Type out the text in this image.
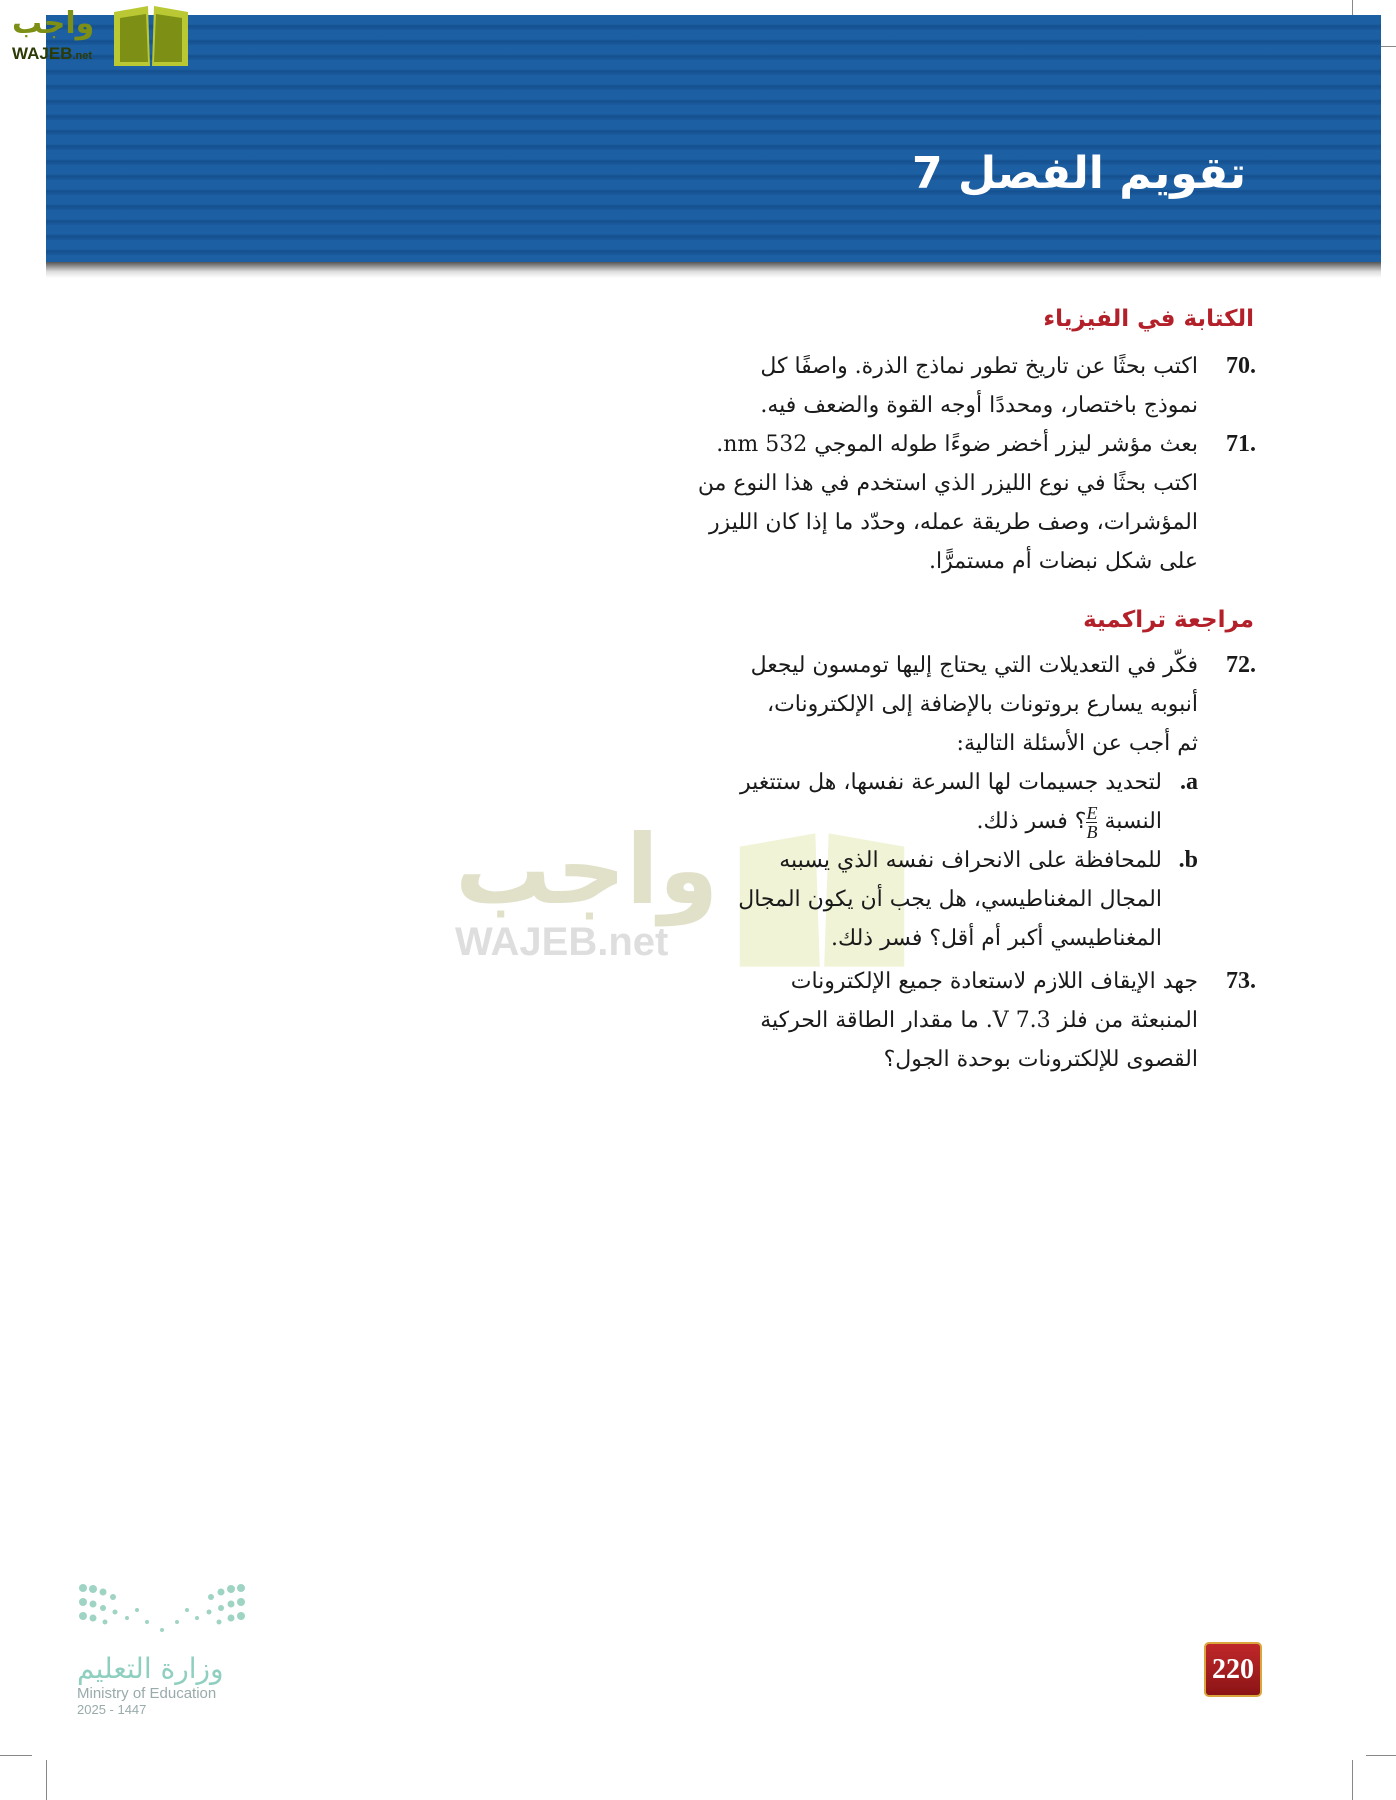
تقويم الفصل 7
واجب
WAJEB.net
واجب
WAJEB.net
الكتابة في الفيزياء
70.
اكتب بحثًا عن تاريخ تطور نماذج الذرة. واصفًا كل
نموذج باختصار، ومحددًا أوجه القوة والضعف فيه.
71.
بعث مؤشر ليزر أخضر ضوءًا طوله الموجي 532 nm.
اكتب بحثًا في نوع الليزر الذي استخدم في هذا النوع من
المؤشرات، وصف طريقة عمله، وحدّد ما إذا كان الليزر
على شكل نبضات أم مستمرًّا.
مراجعة تراكمية
72.
فكّر في التعديلات التي يحتاج إليها تومسون ليجعل
أنبوبه يسارع بروتونات بالإضافة إلى الإلكترونات،
ثم أجب عن الأسئلة التالية:
a.
لتحديد جسيمات لها السرعة نفسها، هل ستتغير
النسبة
$\frac{E}{B}$
؟ فسر ذلك.
b.
للمحافظة على الانحراف نفسه الذي يسببه
المجال المغناطيسي، هل يجب أن يكون المجال
المغناطيسي أكبر أم أقل؟ فسر ذلك.
73.
جهد الإيقاف اللازم لاستعادة جميع الإلكترونات
المنبعثة من فلز 7.3 V. ما مقدار الطاقة الحركية
القصوى للإلكترونات بوحدة الجول؟
220
وزارة التعليم
Ministry of Education
2025 - 1447
